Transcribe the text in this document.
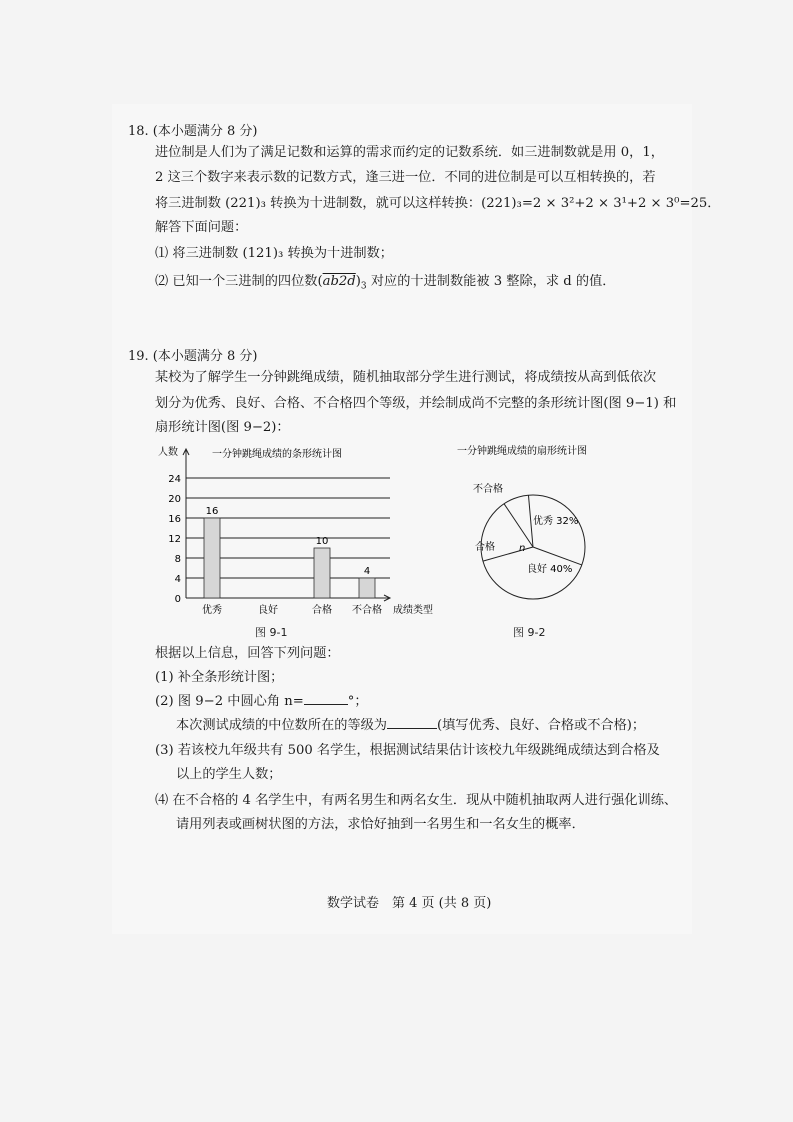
18. (本小题满分 8 分)
进位制是人们为了满足记数和运算的需求而约定的记数系统．如三进制数就是用 0，1，
2 这三个数字来表示数的记数方式，逢三进一位．不同的进位制是可以互相转换的，若
将三进制数 (221)₃ 转换为十进制数，就可以这样转换：(221)₃=2 × 3²+2 × 3¹+2 × 3⁰=25．
解答下面问题：
⑴ 将三进制数 (121)₃ 转换为十进制数；
⑵ 已知一个三进制的四位数$(ab2d)_3$ 对应的十进制数能被 3 整除，求 d 的值．
19. (本小题满分 8 分)
某校为了解学生一分钟跳绳成绩，随机抽取部分学生进行测试，将成绩按从高到低依次
划分为优秀、良好、合格、不合格四个等级，并绘制成尚不完整的条形统计图(图 9−1) 和
扇形统计图(图 9−2)：
0
4
8
12
16
20
24
16
优秀	良好
10
合格
4
不合格
人数	一分钟跳绳成绩的条形统计图
成绩类型
图 9-1
一分钟跳绳成绩的扇形统计图
优秀 32%
良好 40%
合格
不合格
n
图 9-2
根据以上信息，回答下列问题：
(1) 补全条形统计图；
(2) 图 9−2 中圆心角 n=	°；
本次测试成绩的中位数所在的等级为	(填写优秀、良好、合格或不合格)；
(3) 若该校九年级共有 500 名学生，根据测试结果估计该校九年级跳绳成绩达到合格及
以上的学生人数；
⑷ 在不合格的 4 名学生中，有两名男生和两名女生．现从中随机抽取两人进行强化训练、
请用列表或画树状图的方法，求恰好抽到一名男生和一名女生的概率．
数学试卷　第 4 页 (共 8 页)
